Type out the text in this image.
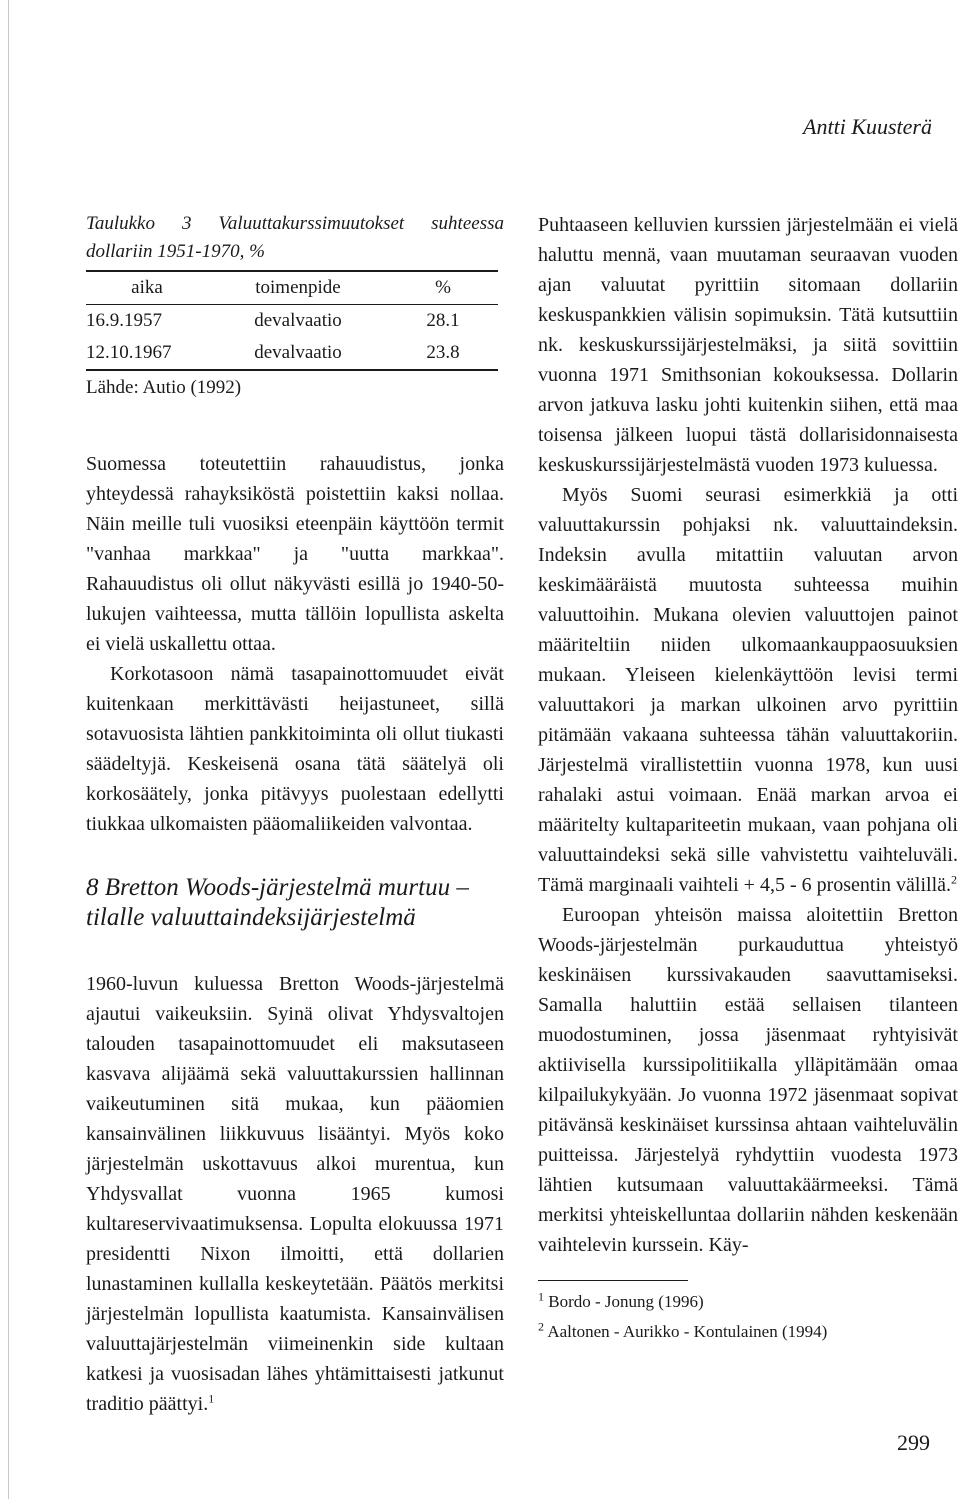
Antti Kuusterä

Taulukko 3 Valuuttakurssimuutokset suhteessa dollariin 1951-1970, %

aika	toimenpide	%
16.9.1957	devalvaatio	28.1
12.10.1967	devalvaatio	23.8

Lähde: Autio (1992)

Suomessa toteutettiin rahauudistus, jonka yhteydessä rahayksiköstä poistettiin kaksi nollaa. Näin meille tuli vuosiksi eteenpäin käyttöön termit "vanhaa markkaa" ja "uutta markkaa". Rahauudistus oli ollut näkyvästi esillä jo 1940-50-lukujen vaihteessa, mutta tällöin lopullista askelta ei vielä uskallettu ottaa.

Korkotasoon nämä tasapainottomuudet eivät kuitenkaan merkittävästi heijastuneet, sillä sotavuosista lähtien pankkitoiminta oli ollut tiukasti säädeltyjä. Keskeisenä osana tätä säätelyä oli korkosäätely, jonka pitävyys puolestaan edellytti tiukkaa ulkomaisten pääomaliikeiden valvontaa.

8 Bretton Woods-järjestelmä murtuu – tilalle valuuttaindeksijärjestelmä

1960-luvun kuluessa Bretton Woods-järjestelmä ajautui vaikeuksiin. Syinä olivat Yhdysvaltojen talouden tasapainottomuudet eli maksutaseen kasvava alijäämä sekä valuuttakurssien hallinnan vaikeutuminen sitä mukaa, kun pääomien kansainvälinen liikkuvuus lisääntyi. Myös koko järjestelmän uskottavuus alkoi murentua, kun Yhdysvallat vuonna 1965 kumosi kultareservivaatimuksensa. Lopulta elokuussa 1971 presidentti Nixon ilmoitti, että dollarien lunastaminen kullalla keskeytetään. Päätös merkitsi järjestelmän lopullista kaatumista. Kansainvälisen valuuttajärjestelmän viimeinenkin side kultaan katkesi ja vuosisadan lähes yhtämittaisesti jatkunut traditio päättyi.$^1$

Puhtaaseen kelluvien kurssien järjestelmään ei vielä haluttu mennä, vaan muutaman seuraavan vuoden ajan valuutat pyrittiin sitomaan dollariin keskuspankkien välisin sopimuksin. Tätä kutsuttiin nk. keskuskurssijärjestelmäksi, ja siitä sovittiin vuonna 1971 Smithsonian kokouksessa. Dollarin arvon jatkuva lasku johti kuitenkin siihen, että maa toisensa jälkeen luopui tästä dollarisidonnaisesta keskuskurssijärjestelmästä vuoden 1973 kuluessa.

Myös Suomi seurasi esimerkkiä ja otti valuuttakurssin pohjaksi nk. valuuttaindeksin. Indeksin avulla mitattiin valuutan arvon keskimääräistä muutosta suhteessa muihin valuuttoihin. Mukana olevien valuuttojen painot määriteltiin niiden ulkomaankauppaosuuksien mukaan. Yleiseen kielenkäyttöön levisi termi valuuttakori ja markan ulkoinen arvo pyrittiin pitämään vakaana suhteessa tähän valuuttakoriin. Järjestelmä virallistettiin vuonna 1978, kun uusi rahalaki astui voimaan. Enää markan arvoa ei määritelty kultapariteetin mukaan, vaan pohjana oli valuuttaindeksi sekä sille vahvistettu vaihteluväli. Tämä marginaali vaihteli + 4,5 - 6 prosentin välillä.$^2$

Euroopan yhteisön maissa aloitettiin Bretton Woods-järjestelmän purkauduttua yhteistyö keskinäisen kurssivakauden saavuttamiseksi. Samalla haluttiin estää sellaisen tilanteen muodostuminen, jossa jäsenmaat ryhtyisivät aktiivisella kurssipolitiikalla ylläpitämään omaa kilpailukykyään. Jo vuonna 1972 jäsenmaat sopivat pitävänsä keskinäiset kurssinsa ahtaan vaihteluvälin puitteissa. Järjestelyä ryhdyttiin vuodesta 1973 lähtien kutsumaan valuuttakäärmeeksi. Tämä merkitsi yhteiskelluntaa dollariin nähden keskenään vaihtelevin kurssein. Käy-

$^1$ Bordo - Jonung (1996)

$^2$ Aaltonen - Aurikko - Kontulainen (1994)

299
